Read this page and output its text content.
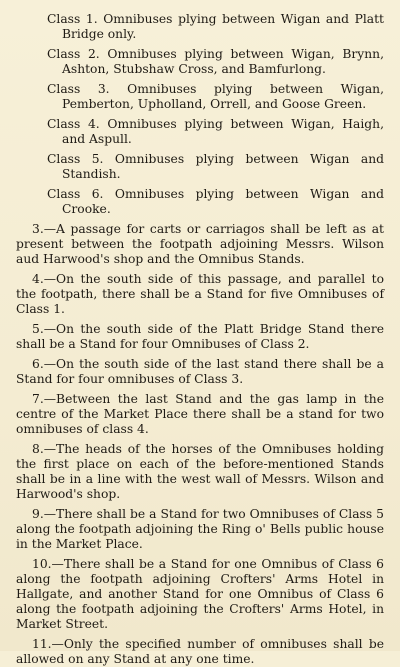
Class 1. Omnibuses plying between Wigan and Platt Bridge only.

Class 2. Omnibuses plying between Wigan, Brynn, Ashton, Stubshaw Cross, and Bamfurlong.

Class 3. Omnibuses plying between Wigan, Pemberton, Upholland, Orrell, and Goose Green.

Class 4. Omnibuses plying between Wigan, Haigh, and Aspull.

Class 5. Omnibuses plying between Wigan and Standish.

Class 6. Omnibuses plying between Wigan and Crooke.

3.—A passage for carts or carriagos shall be left as at present between the footpath adjoining Messrs. Wilson aud Harwood's shop and the Omnibus Stands.

4.—On the south side of this passage, and parallel to the footpath, there shall be a Stand for five Omnibuses of Class 1.

5.—On the south side of the Platt Bridge Stand there shall be a Stand for four Omnibuses of Class 2.

6.—On the south side of the last stand there shall be a Stand for four omnibuses of Class 3.

7.—Between the last Stand and the gas lamp in the centre of the Market Place there shall be a stand for two omnibuses of class 4.

8.—The heads of the horses of the Omnibuses holding the first place on each of the before-mentioned Stands shall be in a line with the west wall of Messrs. Wilson and Harwood's shop.

9.—There shall be a Stand for two Omnibuses of Class 5 along the footpath adjoining the Ring o' Bells public house in the Market Place.

10.—There shall be a Stand for one Omnibus of Class 6 along the footpath adjoining Crofters' Arms Hotel in Hallgate, and another Stand for one Omnibus of Class 6 along the footpath adjoining the Crofters' Arms Hotel, in Market Street.

11.—Only the specified number of omnibuses shall be allowed on any Stand at any one time.
